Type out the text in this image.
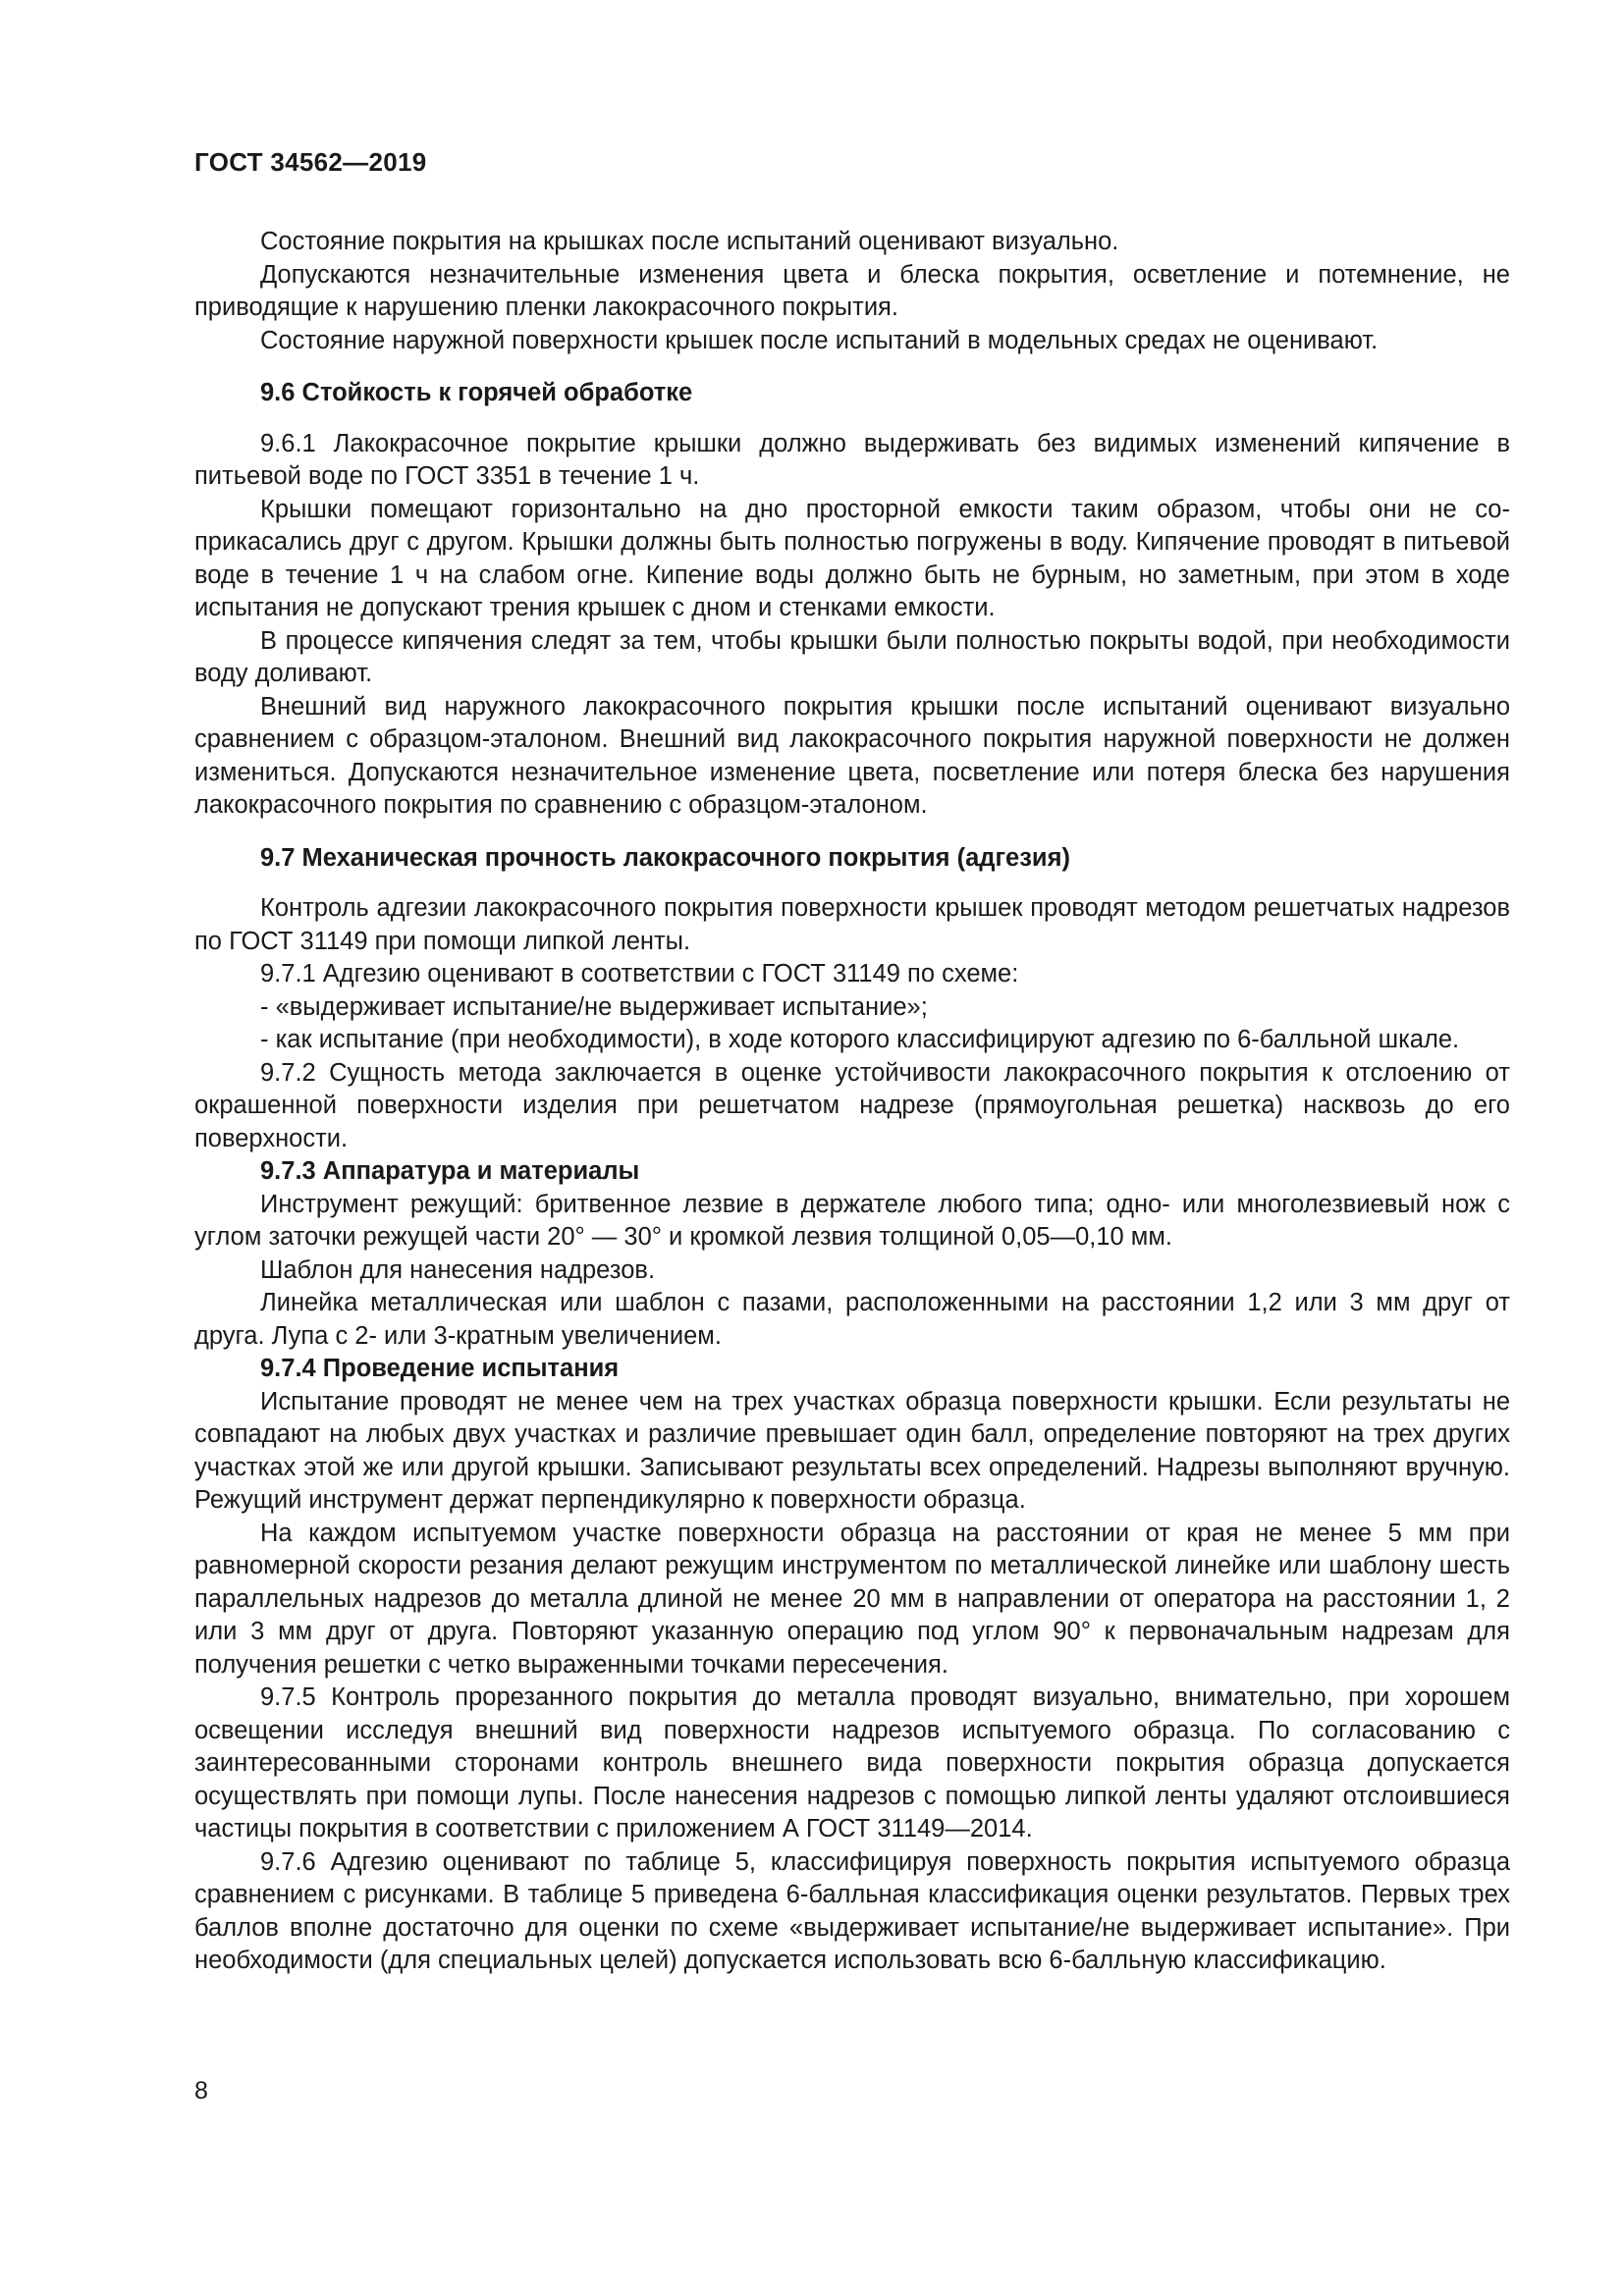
ГОСТ 34562—2019

Состояние покрытия на крышках после испытаний оценивают визуально.

Допускаются незначительные изменения цвета и блеска покрытия, осветление и потемнение, не приводящие к нарушению пленки лакокрасочного покрытия.

Состояние наружной поверхности крышек после испытаний в модельных средах не оценивают.

9.6 Стойкость к горячей обработке

9.6.1 Лакокрасочное покрытие крышки должно выдерживать без видимых изменений кипячение в питьевой воде по ГОСТ 3351 в течение 1 ч.

Крышки помещают горизонтально на дно просторной емкости таким образом, чтобы они не соприкасались друг с другом. Крышки должны быть полностью погружены в воду. Кипячение проводят в питьевой воде в течение 1 ч на слабом огне. Кипение воды должно быть не бурным, но заметным, при этом в ходе испытания не допускают трения крышек с дном и стенками емкости.

В процессе кипячения следят за тем, чтобы крышки были полностью покрыты водой, при необходимости воду доливают.

Внешний вид наружного лакокрасочного покрытия крышки после испытаний оценивают визуально сравнением с образцом-эталоном. Внешний вид лакокрасочного покрытия наружной поверхности не должен измениться. Допускаются незначительное изменение цвета, посветление или потеря блеска без нарушения лакокрасочного покрытия по сравнению с образцом-эталоном.

9.7 Механическая прочность лакокрасочного покрытия (адгезия)

Контроль адгезии лакокрасочного покрытия поверхности крышек проводят методом решетчатых надрезов по ГОСТ 31149 при помощи липкой ленты.

9.7.1 Адгезию оценивают в соответствии с ГОСТ 31149 по схеме:

- «выдерживает испытание/не выдерживает испытание»;

- как испытание (при необходимости), в ходе которого классифицируют адгезию по 6-балльной шкале.

9.7.2 Сущность метода заключается в оценке устойчивости лакокрасочного покрытия к отслоению от окрашенной поверхности изделия при решетчатом надрезе (прямоугольная решетка) насквозь до его поверхности.

9.7.3 Аппаратура и материалы

Инструмент режущий: бритвенное лезвие в держателе любого типа; одно- или многолезвиевый нож с углом заточки режущей части 20° — 30° и кромкой лезвия толщиной 0,05—0,10 мм.

Шаблон для нанесения надрезов.

Линейка металлическая или шаблон с пазами, расположенными на расстоянии 1,2 или 3 мм друг от друга. Лупа с 2- или 3-кратным увеличением.

9.7.4 Проведение испытания

Испытание проводят не менее чем на трех участках образца поверхности крышки. Если результаты не совпадают на любых двух участках и различие превышает один балл, определение повторяют на трех других участках этой же или другой крышки. Записывают результаты всех определений. Надрезы выполняют вручную. Режущий инструмент держат перпендикулярно к поверхности образца.

На каждом испытуемом участке поверхности образца на расстоянии от края не менее 5 мм при равномерной скорости резания делают режущим инструментом по металлической линейке или шаблону шесть параллельных надрезов до металла длиной не менее 20 мм в направлении от оператора на расстоянии 1, 2 или 3 мм друг от друга. Повторяют указанную операцию под углом 90° к первоначальным надрезам для получения решетки с четко выраженными точками пересечения.

9.7.5 Контроль прорезанного покрытия до металла проводят визуально, внимательно, при хорошем освещении исследуя внешний вид поверхности надрезов испытуемого образца. По согласованию с заинтересованными сторонами контроль внешнего вида поверхности покрытия образца допускается осуществлять при помощи лупы. После нанесения надрезов с помощью липкой ленты удаляют отслоившиеся частицы покрытия в соответствии с приложением А ГОСТ 31149—2014.

9.7.6 Адгезию оценивают по таблице 5, классифицируя поверхность покрытия испытуемого образца сравнением с рисунками. В таблице 5 приведена 6-балльная классификация оценки результатов. Первых трех баллов вполне достаточно для оценки по схеме «выдерживает испытание/не выдерживает испытание». При необходимости (для специальных целей) допускается использовать всю 6-балльную классификацию.

8
